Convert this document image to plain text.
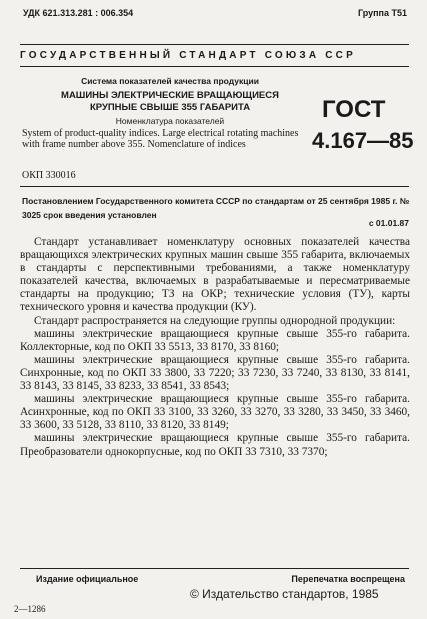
УДК 621.313.281 : 006.354	Группа Т51
ГОСУДАРСТВЕННЫЙ СТАНДАРТ СОЮЗА ССР
Система показателей качества продукции
МАШИНЫ ЭЛЕКТРИЧЕСКИЕ ВРАЩАЮЩИЕСЯ
КРУПНЫЕ СВЫШЕ 355 ГАБАРИТА
Номенклатура показателей	ГОСТ
4.167—85
System of product-quality indices. Large electrical rotating machines with frame number above 355. Nomenclature of indices
ОКП 330016
Постановлением Государственного комитета СССР по стандартам от 25 сентября 1985 г. № 3025 срок введения установлен
с 01.01.87

Стандарт устанавливает номенклатуру основных показателей качества вращающихся электрических крупных машин свыше 355 габарита, включаемых в стандарты с перспективными требованиями, а также номенклатуру показателей качества, включаемых в разрабатываемые и пересматриваемые стандарты на продукцию; ТЗ на ОКР; технические условия (ТУ), карты технического уровня и качества продукции (КУ).

Стандарт распространяется на следующие группы однородной продукции:

машины электрические вращающиеся крупные свыше 355-го габарита. Коллекторные, код по ОКП 33 5513, 33 8170, 33 8160;

машины электрические вращающиеся крупные свыше 355-го габарита. Синхронные, код по ОКП 33 3800, 33 7220; 33 7230, 33 7240, 33 8130, 33 8141, 33 8143, 33 8145, 33 8233, 33 8541, 33 8543;

машины электрические вращающиеся крупные свыше 355-го габарита. Асинхронные, код по ОКП 33 3100, 33 3260, 33 3270, 33 3280, 33 3450, 33 3460, 33 3600, 33 5128, 33 8110, 33 8120, 33 8149;

машины электрические вращающиеся крупные свыше 355-го габарита. Преобразователи однокорпусные, код по ОКП 33 7310, 33 7370;

Издание официальное	Перепечатка воспрещена
© Издательство стандартов, 1985
2—1286
